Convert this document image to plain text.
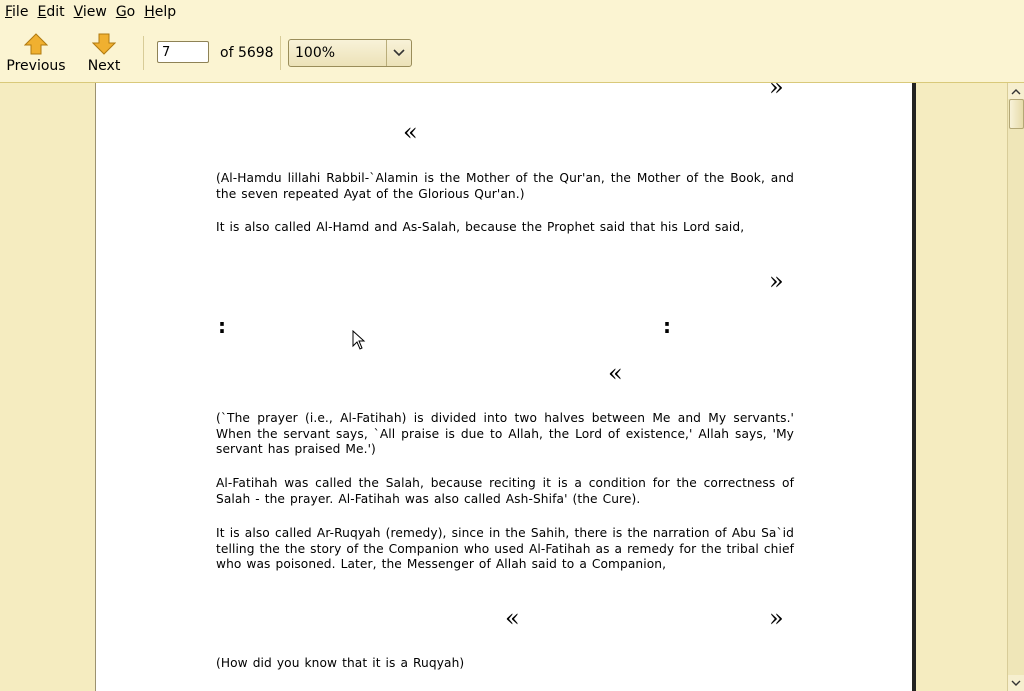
File Edit View Go Help
Previous Next
7
of 5698	100%
»
«
(Al-Hamdu lillahi Rabbil-`Alamin is the Mother of the Qur'an, the Mother of the Book, and the seven repeated Ayat of the Glorious Qur'an.)
It is also called Al-Hamd and As-Salah, because the Prophet said that his Lord said,
»
:	:
«
(`The prayer (i.e., Al-Fatihah) is divided into two halves between Me and My servants.' When the servant says, `All praise is due to Allah, the Lord of existence,' Allah says, 'My servant has praised Me.')
Al-Fatihah was called the Salah, because reciting it is a condition for the correctness of Salah - the prayer. Al-Fatihah was also called Ash-Shifa' (the Cure).
It is also called Ar-Ruqyah (remedy), since in the Sahih, there is the narration of Abu Sa`id telling the the story of the Companion who used Al-Fatihah as a remedy for the tribal chief who was poisoned. Later, the Messenger of Allah said to a Companion,
«	»
(How did you know that it is a Ruqyah)
